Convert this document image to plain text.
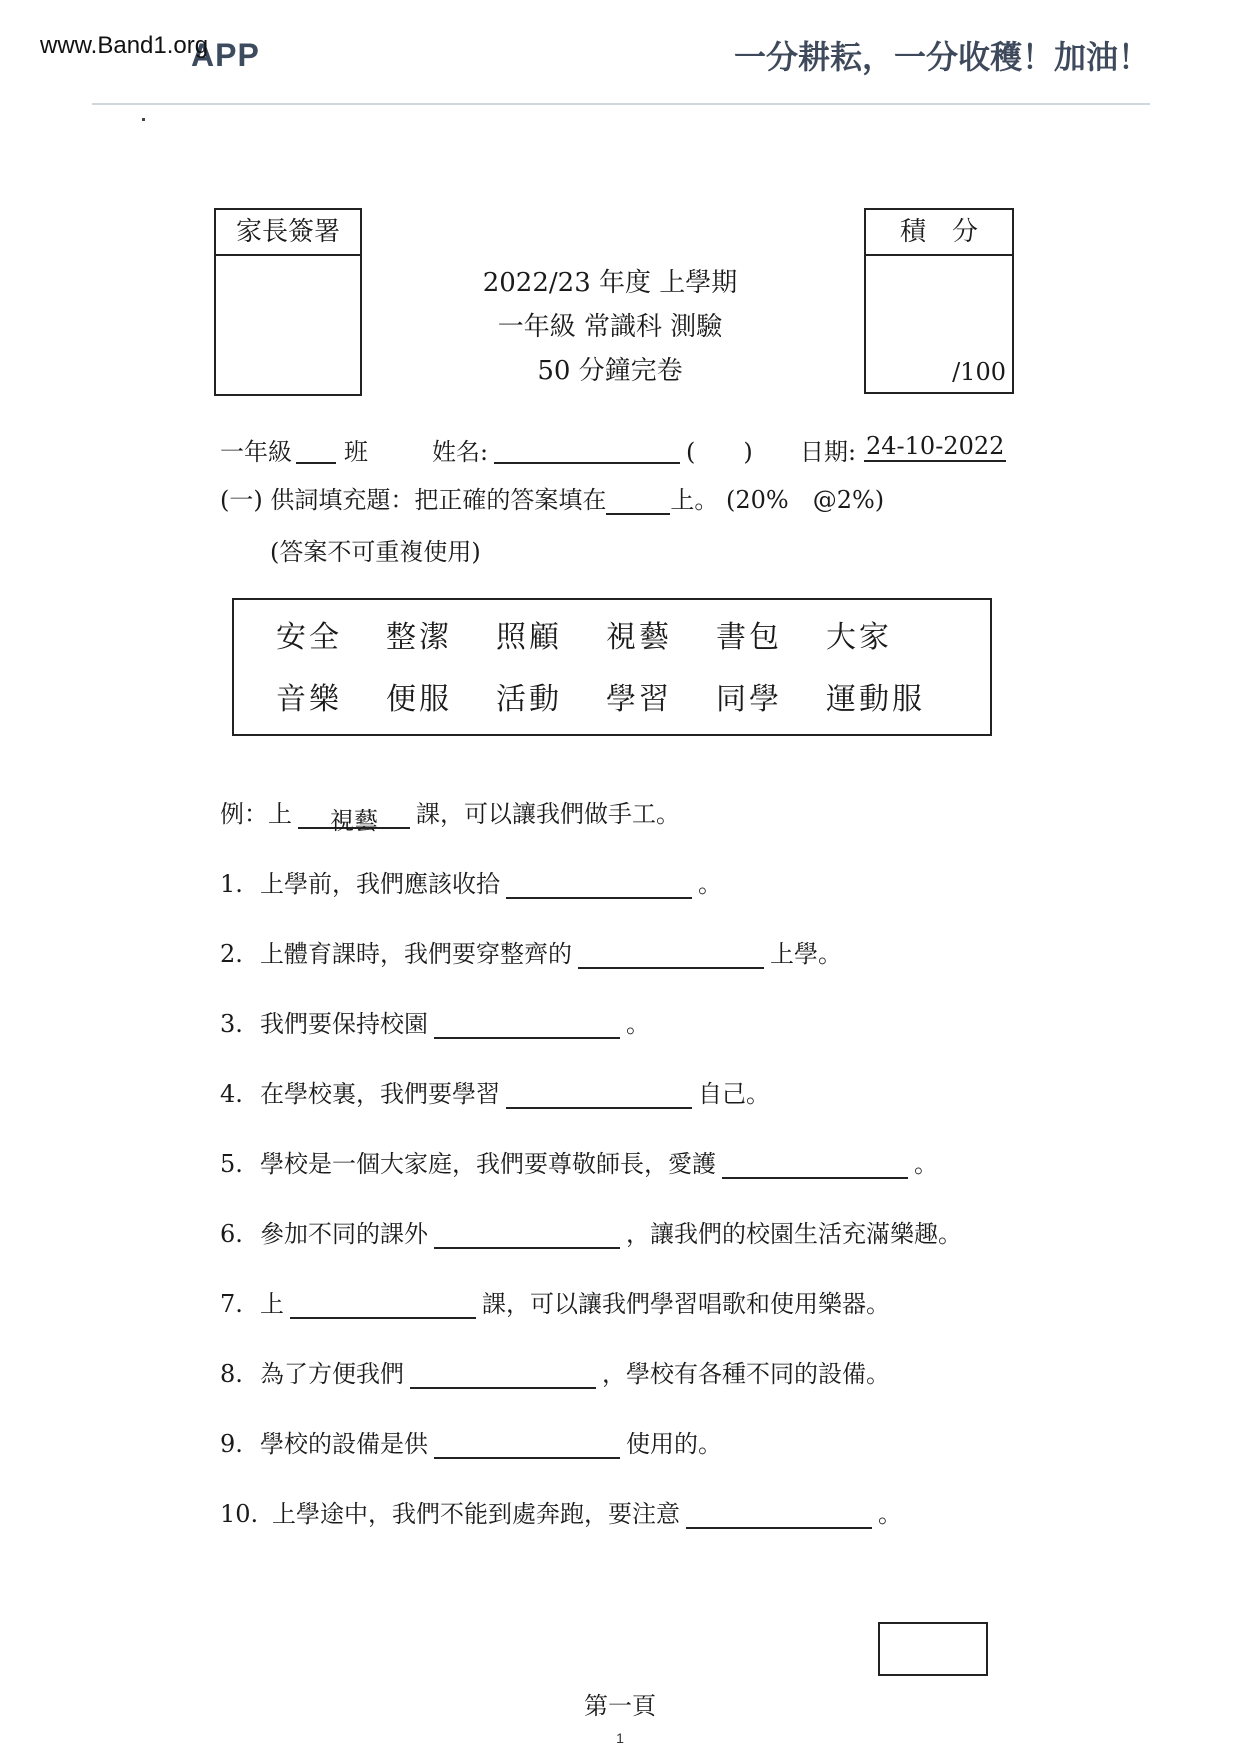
　　　APP
www.Band1.org	一分耕耘，一分收穫！加油！
家長簽署	積　分
/100
2022/23 年度 上學期
一年級 常識科 測驗
50 分鐘完卷
一年級 班	姓名:	(　　) 日期: 24-10-2022
(一) 供詞填充題：把正確的答案填在	上。 (20%　@2%)
(答案不可重複使用)
安全 整潔 照顧 視藝 書包 大家
音樂 便服 活動 學習 同學 運動服
例：上 視藝 課，可以讓我們做手工。
1. 上學前，我們應該收拾	。
2. 上體育課時，我們要穿整齊的	上學。
3. 我們要保持校園	。
4. 在學校裏，我們要學習	自己。
5. 學校是一個大家庭，我們要尊敬師長，愛護	。
6. 參加不同的課外	，讓我們的校園生活充滿樂趣。
7. 上	課，可以讓我們學習唱歌和使用樂器。
8. 為了方便我們	，學校有各種不同的設備。
9. 學校的設備是供	使用的。
10. 上學途中，我們不能到處奔跑，要注意	。
第一頁
1
